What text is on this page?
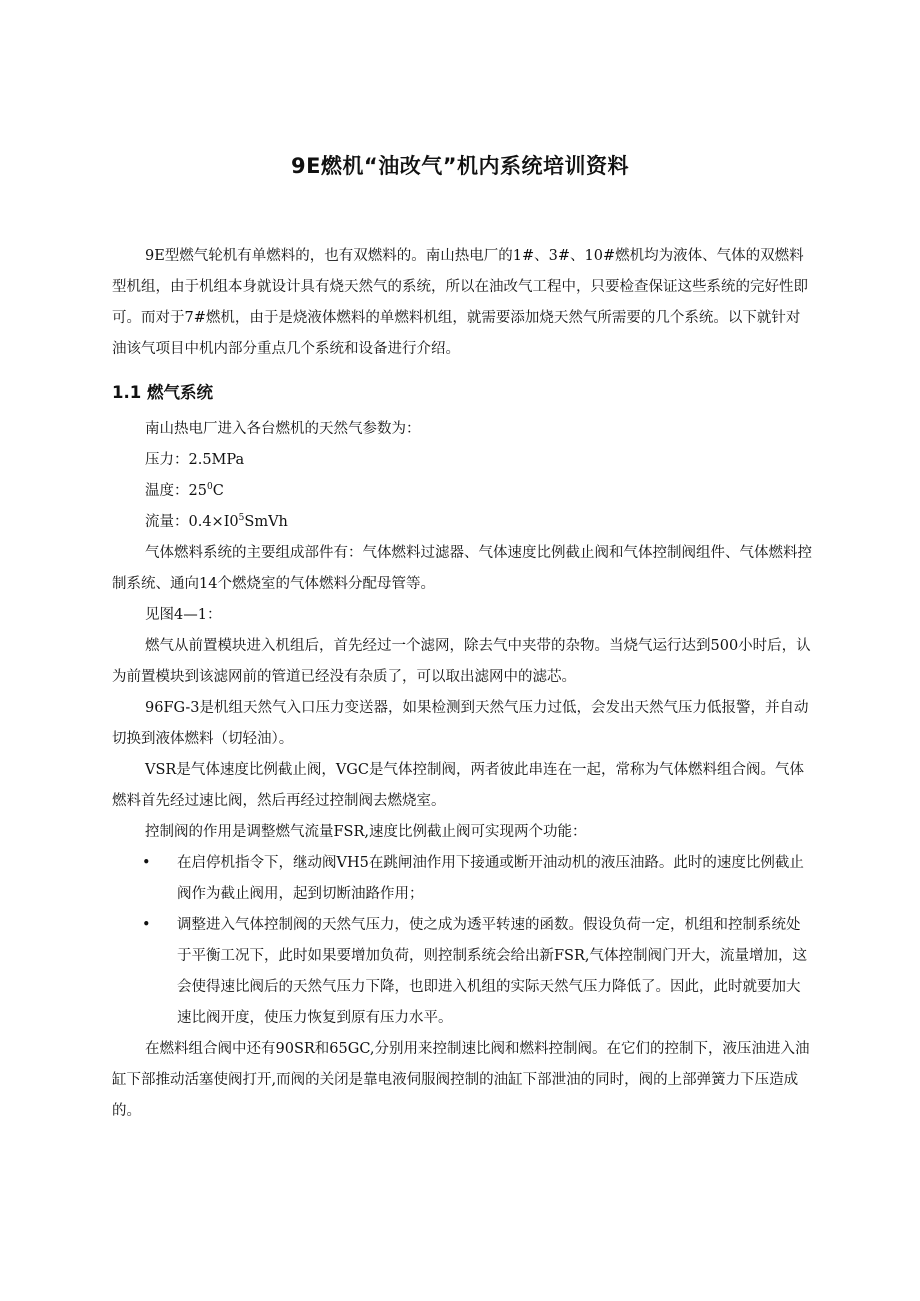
9E燃机“油改气”机内系统培训资料

9E型燃气轮机有单燃料的，也有双燃料的。南山热电厂的1#、3#、10#燃机均为液体、气体的双燃料型机组，由于机组本身就设计具有烧天然气的系统，所以在油改气工程中，只要检查保证这些系统的完好性即可。而对于7#燃机，由于是烧液体燃料的单燃料机组，就需要添加烧天然气所需要的几个系统。以下就针对油该气项目中机内部分重点几个系统和设备进行介绍。

1.1 燃气系统

南山热电厂进入各台燃机的天然气参数为：

压力：2.5MPa

温度：$25^0C$

流量：$0.4\times I0^5SmVh$

气体燃料系统的主要组成部件有：气体燃料过滤器、气体速度比例截止阀和气体控制阀组件、气体燃料控制系统、通向14个燃烧室的气体燃料分配母管等。

见图4—1：

燃气从前置模块进入机组后，首先经过一个滤网，除去气中夹带的杂物。当烧气运行达到500小时后，认为前置模块到该滤网前的管道已经没有杂质了，可以取出滤网中的滤芯。

96FG-3是机组天然气入口压力变送器，如果检测到天然气压力过低，会发出天然气压力低报警，并自动切换到液体燃料（切轻油）。

VSR是气体速度比例截止阀，VGC是气体控制阀，两者彼此串连在一起，常称为气体燃料组合阀。气体燃料首先经过速比阀，然后再经过控制阀去燃烧室。

控制阀的作用是调整燃气流量FSR,速度比例截止阀可实现两个功能：

• 在启停机指令下，继动阀VH5在跳闸油作用下接通或断开油动机的液压油路。此时的速度比例截止阀作为截止阀用，起到切断油路作用；
• 调整进入气体控制阀的天然气压力，使之成为透平转速的函数。假设负荷一定，机组和控制系统处于平衡工况下，此时如果要增加负荷，则控制系统会给出新FSR,气体控制阀门开大，流量增加，这会使得速比阀后的天然气压力下降，也即进入机组的实际天然气压力降低了。因此，此时就要加大速比阀开度，使压力恢复到原有压力水平。

在燃料组合阀中还有90SR和65GC,分别用来控制速比阀和燃料控制阀。在它们的控制下，液压油进入油缸下部推动活塞使阀打开,而阀的关闭是靠电液伺服阀控制的油缸下部泄油的同时，阀的上部弹簧力下压造成的。
